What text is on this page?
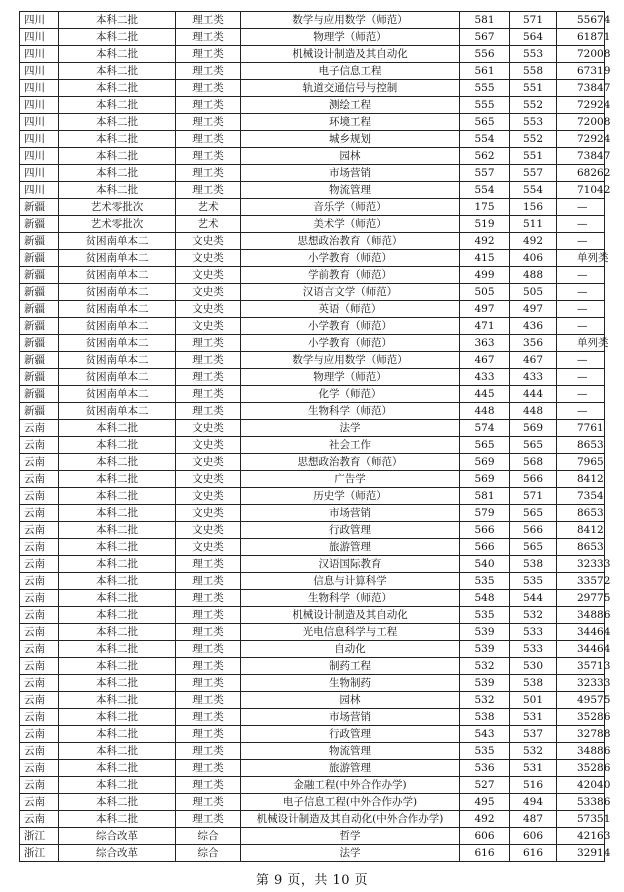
四川	本科二批	理工类	数学与应用数学（师范）	581	571	55674
四川	本科二批	理工类	物理学（师范）	567	564	61871
四川	本科二批	理工类	机械设计制造及其自动化	556	553	72008
四川	本科二批	理工类	电子信息工程	561	558	67319
四川	本科二批	理工类	轨道交通信号与控制	555	551	73847
四川	本科二批	理工类	测绘工程	555	552	72924
四川	本科二批	理工类	环境工程	565	553	72008
四川	本科二批	理工类	城乡规划	554	552	72924
四川	本科二批	理工类	园林	562	551	73847
四川	本科二批	理工类	市场营销	557	557	68262
四川	本科二批	理工类	物流管理	554	554	71042
新疆	艺术零批次	艺术	音乐学（师范）	175	156	—
新疆	艺术零批次	艺术	美术学（师范）	519	511	—
新疆	贫困南单本二	文史类	思想政治教育（师范）	492	492	—
新疆	贫困南单本二	文史类	小学教育（师范）	415	406	单列类
新疆	贫困南单本二	文史类	学前教育（师范）	499	488	—
新疆	贫困南单本二	文史类	汉语言文学（师范）	505	505	—
新疆	贫困南单本二	文史类	英语（师范）	497	497	—
新疆	贫困南单本二	文史类	小学教育（师范）	471	436	—
新疆	贫困南单本二	理工类	小学教育（师范）	363	356	单列类
新疆	贫困南单本二	理工类	数学与应用数学（师范）	467	467	—
新疆	贫困南单本二	理工类	物理学（师范）	433	433	—
新疆	贫困南单本二	理工类	化学（师范）	445	444	—
新疆	贫困南单本二	理工类	生物科学（师范）	448	448	—
云南	本科二批	文史类	法学	574	569	7761
云南	本科二批	文史类	社会工作	565	565	8653
云南	本科二批	文史类	思想政治教育（师范）	569	568	7965
云南	本科二批	文史类	广告学	569	566	8412
云南	本科二批	文史类	历史学（师范）	581	571	7354
云南	本科二批	文史类	市场营销	579	565	8653
云南	本科二批	文史类	行政管理	566	566	8412
云南	本科二批	文史类	旅游管理	566	565	8653
云南	本科二批	理工类	汉语国际教育	540	538	32333
云南	本科二批	理工类	信息与计算科学	535	535	33572
云南	本科二批	理工类	生物科学（师范）	548	544	29775
云南	本科二批	理工类	机械设计制造及其自动化	535	532	34886
云南	本科二批	理工类	光电信息科学与工程	539	533	34464
云南	本科二批	理工类	自动化	539	533	34464
云南	本科二批	理工类	制药工程	532	530	35713
云南	本科二批	理工类	生物制药	539	538	32333
云南	本科二批	理工类	园林	532	501	49575
云南	本科二批	理工类	市场营销	538	531	35286
云南	本科二批	理工类	行政管理	543	537	32788
云南	本科二批	理工类	物流管理	535	532	34886
云南	本科二批	理工类	旅游管理	536	531	35286
云南	本科二批	理工类	金融工程(中外合作办学)	527	516	42040
云南	本科二批	理工类	电子信息工程(中外合作办学)	495	494	53386
云南	本科二批	理工类	机械设计制造及其自动化(中外合作办学)	492	487	57351
浙江	综合改革	综合	哲学	606	606	42163
浙江	综合改革	综合	法学	616	616	32914
第 9 页，共 10 页
